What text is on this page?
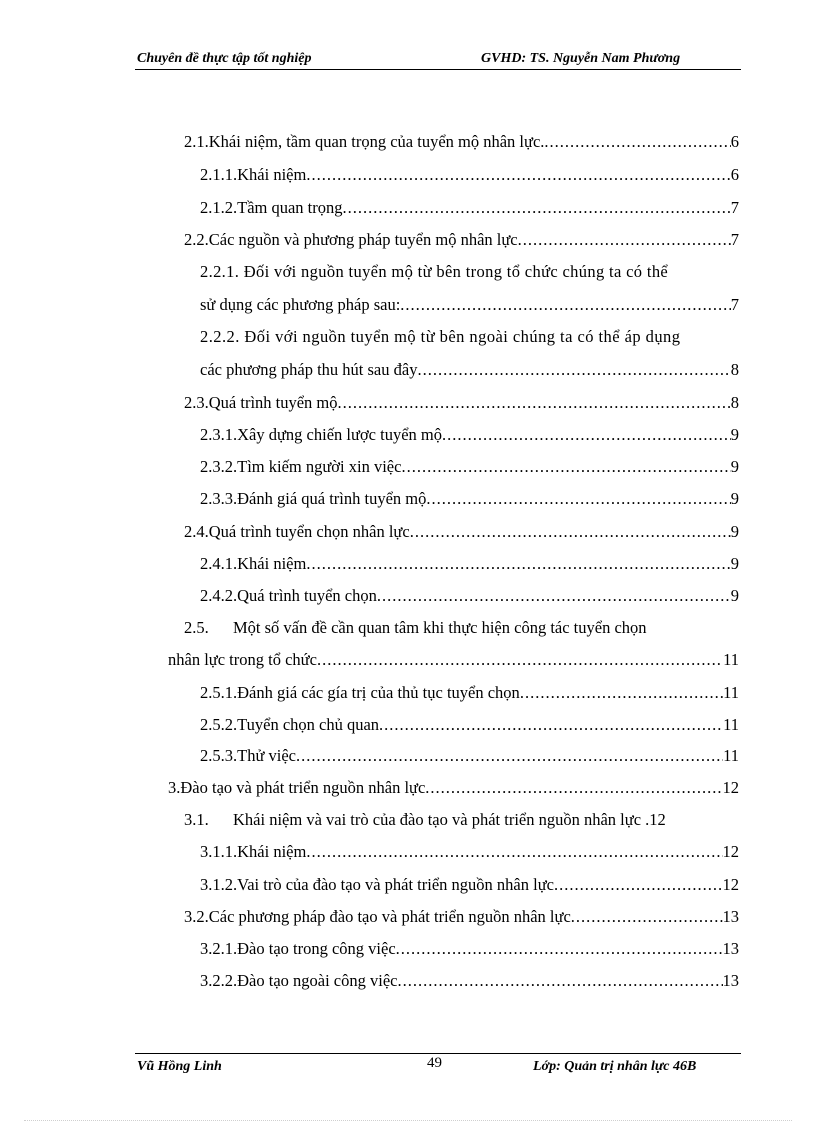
Chuyên đề thực tập tốt nghiệp	GVHD: TS. Nguyễn Nam Phương
2.1. Khái niệm, tầm quan trọng của tuyển mộ nhân lực. .....	6
2.1.1. Khái niệm .....	6
2.1.2. Tầm quan trọng .....	7
2.2. Các nguồn và phương pháp tuyển mộ nhân lực .....	7
2.2.1. Đối với nguồn tuyển mộ từ bên trong tổ chức chúng ta có thể
sử dụng các phương pháp sau: .....	7
2.2.2. Đối với nguồn tuyển mộ từ bên ngoài chúng ta có thể áp dụng
các phương pháp thu hút sau đây .....	8
2.3. Quá trình tuyển mộ .....	8
2.3.1. Xây dựng chiến lược tuyển mộ .....	9
2.3.2. Tìm kiếm người xin việc .....	9
2.3.3. Đánh giá quá trình tuyển mộ .....	9
2.4. Quá trình tuyển chọn nhân lực .....	9
2.4.1. Khái niệm .....	9
2.4.2. Quá trình tuyển chọn .....	9
2.5. Một số vấn đề cần quan tâm khi thực hiện công tác tuyển chọn
nhân lực trong tổ chức .....	11
2.5.1. Đánh giá các gía trị của thủ tục tuyển chọn .....	11
2.5.2. Tuyển chọn chủ quan .....	11
2.5.3. Thử việc .....	11
3. Đào tạo và phát triển nguồn nhân lực .....	12
3.1.	Khái niệm và vai trò của đào tạo và phát triển nguồn nhân lực . 12
3.1.1. Khái niệm .....	12
3.1.2. Vai trò của đào tạo và phát triển nguồn nhân lực .....	12
3.2. Các phương pháp đào tạo và phát triển nguồn nhân lực .....	13
3.2.1. Đào tạo trong công việc .....	13
3.2.2. Đào tạo ngoài công việc .....	13
Vũ Hồng Linh	49	Lớp: Quản trị nhân lực 46B
